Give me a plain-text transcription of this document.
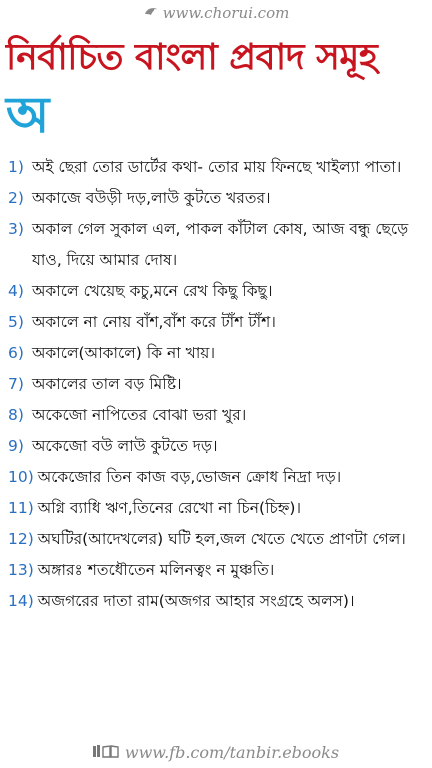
www.chorui.com
নির্বাচিত বাংলা প্রবাদ সমূহ
অ
1) অই ছেরা তোর ডার্টের কথা- তোর মায় ফিনছে খাইল্যা পাতা।
2) অকাজে বউড়ী দড়,লাউ কুটতে খরতর।
3) অকাল গেল সুকাল এল, পাকল কাঁটাল কোষ, আজ বন্ধু ছেড়ে যাও, দিয়ে আমার দোষ।
4) অকালে খেয়েছ কচু,মনে রেখ কিছু কিছু।
5) অকালে না নোয় বাঁশ,বাঁশ করে টাঁশ টাঁশ।
6) অকালে(আকালে) কি না খায়।
7) অকালের তাল বড় মিষ্টি।
8) অকেজো নাপিতের বোঝা ভরা খুর।
9) অকেজো বউ লাউ কুটতে দড়।
10) অকেজোর তিন কাজ বড়,ভোজন ক্রোধ নিদ্রা দড়।
11) অগ্নি ব্যাধি ঋণ,তিনের রেখো না চিন(চিহ্ন)।
12) অঘটির(আদেখলের) ঘটি হল,জল খেতে খেতে প্রাণটা গেল।
13) অঙ্গারঃ শতধৌতেন মলিনত্বং ন মুঞ্চতি।
14) অজগরের দাতা রাম(অজগর আহার সংগ্রহে অলস)।
www.fb.com/tanbir.ebooks
